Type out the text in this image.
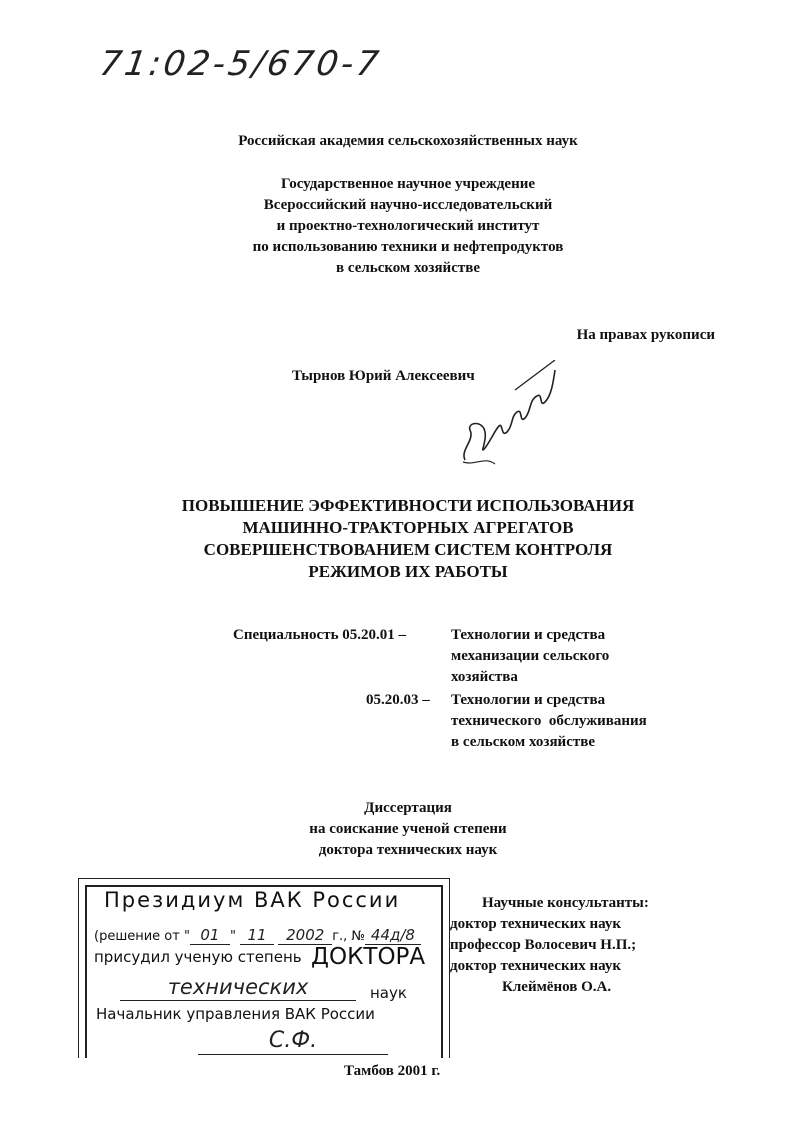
71:02-5/670-7
Российская академия сельскохозяйственных наук
Государственное научное учреждение
Всероссийский научно-исследовательский
и проектно-технологический институт
по использованию техники и нефтепродуктов
в сельском хозяйстве
На правах рукописи
Тырнов Юрий Алексеевич
ПОВЫШЕНИЕ ЭФФЕКТИВНОСТИ ИСПОЛЬЗОВАНИЯ
МАШИННО-ТРАКТОРНЫХ АГРЕГАТОВ
СОВЕРШЕНСТВОВАНИЕМ СИСТЕМ КОНТРОЛЯ
РЕЖИМОВ ИХ РАБОТЫ
Специальность 05.20.01 –	Технологии и средства
механизации сельского
хозяйства
05.20.03 – Технологии и средства
технического  обслуживания
в сельском хозяйстве
Диссертация
на соискание ученой степени
доктора технических наук
Научные консультанты:
доктор технических наук
профессор Волосевич Н.П.;
доктор технических наук
Клеймёнов О.А.
Президиум ВАК России
(решение от " 01 " 11 2002 г., № 44д/8
присудил ученую степень ДОКТОРА
технических	наук
Начальник управления ВАК России
С.Ф.
Тамбов 2001 г.
